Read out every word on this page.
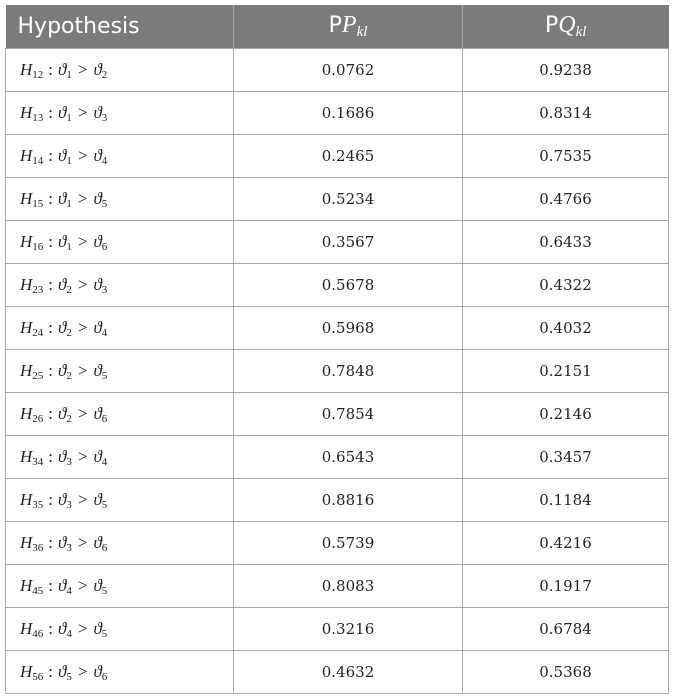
Hypothesis	PPkl	PQkl
$H_{12}$ : $ϑ_1 > ϑ_2$	0.0762	0.9238
$H_{13}$ : $ϑ_1 > ϑ_3$	0.1686	0.8314
$H_{14}$ : $ϑ_1 > ϑ_4$	0.2465	0.7535
$H_{15}$ : $ϑ_1 > ϑ_5$	0.5234	0.4766
$H_{16}$ : $ϑ_1 > ϑ_6$	0.3567	0.6433
$H_{23}$ : $ϑ_2 > ϑ_3$	0.5678	0.4322
$H_{24}$ : $ϑ_2 > ϑ_4$	0.5968	0.4032
$H_{25}$ : $ϑ_2 > ϑ_5$	0.7848	0.2151
$H_{26}$ : $ϑ_2 > ϑ_6$	0.7854	0.2146
$H_{34}$ : $ϑ_3 > ϑ_4$	0.6543	0.3457
$H_{35}$ : $ϑ_3 > ϑ_5$	0.8816	0.1184
$H_{36}$ : $ϑ_3 > ϑ_6$	0.5739	0.4216
$H_{45}$ : $ϑ_4 > ϑ_5$	0.8083	0.1917
$H_{46}$ : $ϑ_4 > ϑ_5$	0.3216	0.6784
$H_{56}$ : $ϑ_5 > ϑ_6$	0.4632	0.5368
